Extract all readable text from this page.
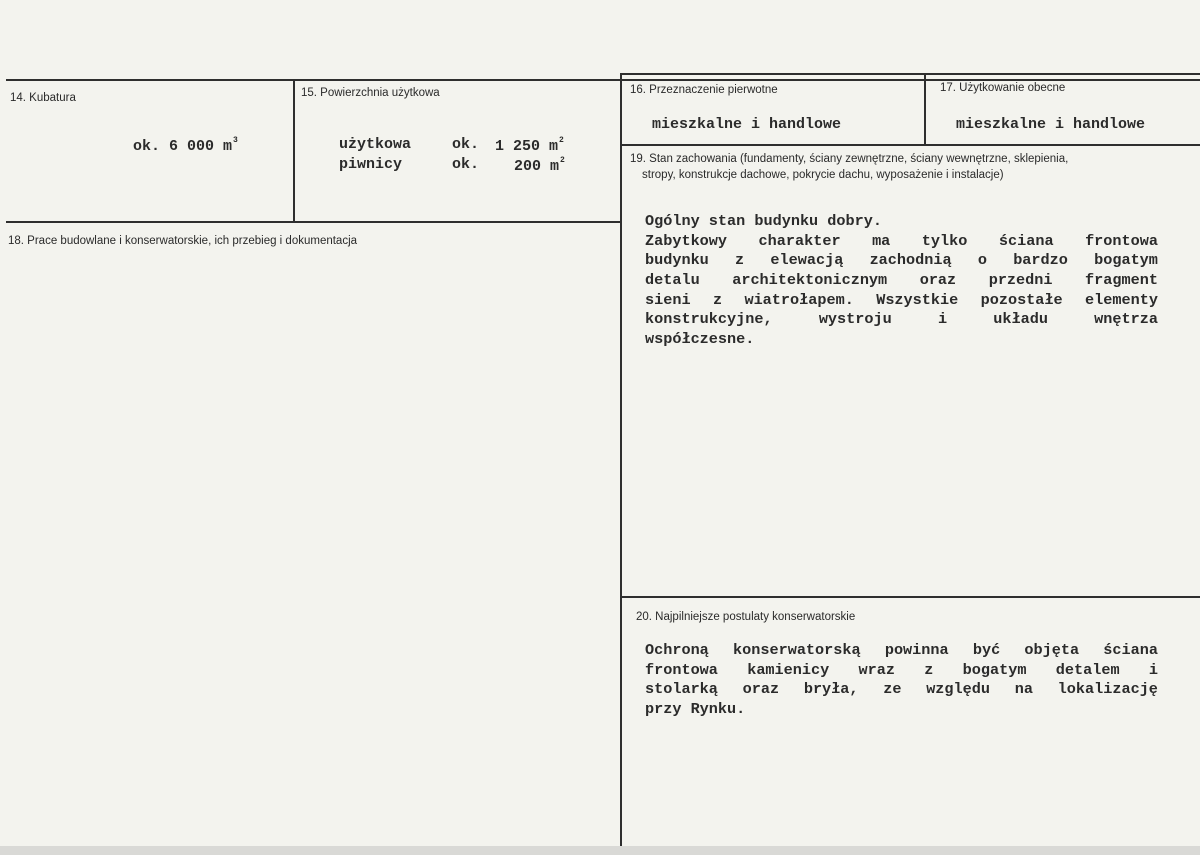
14. Kubatura
ok. 6 000 $m^3$
15. Powierzchnia użytkowa
użytkowa	ok. 1 250 $m^2$
piwnicy	ok. 200 $m^2$
16. Przeznaczenie pierwotne
mieszkalne i handlowe
17. Użytkowanie obecne
mieszkalne i handlowe
18. Prace budowlane i konserwatorskie, ich przebieg i dokumentacja
19. Stan zachowania (fundamenty, ściany zewnętrzne, ściany wewnętrzne, sklepienia,
stropy, konstrukcje dachowe, pokrycie dachu, wyposażenie i instalacje)
Ogólny stan budynku dobry.
Zabytkowy charakter ma tylko ściana frontowa
budynku z elewacją zachodnią o bardzo bogatym
detalu architektonicznym oraz przedni fragment
sieni z wiatrołapem. Wszystkie pozostałe elementy
konstrukcyjne,	wystroju	i	układu	wnętrza
współczesne.
20. Najpilniejsze postulaty konserwatorskie
Ochroną konserwatorską powinna być objęta ściana
frontowa kamienicy wraz z bogatym detalem i
stolarką oraz bryła, ze względu na lokalizację
przy Rynku.
